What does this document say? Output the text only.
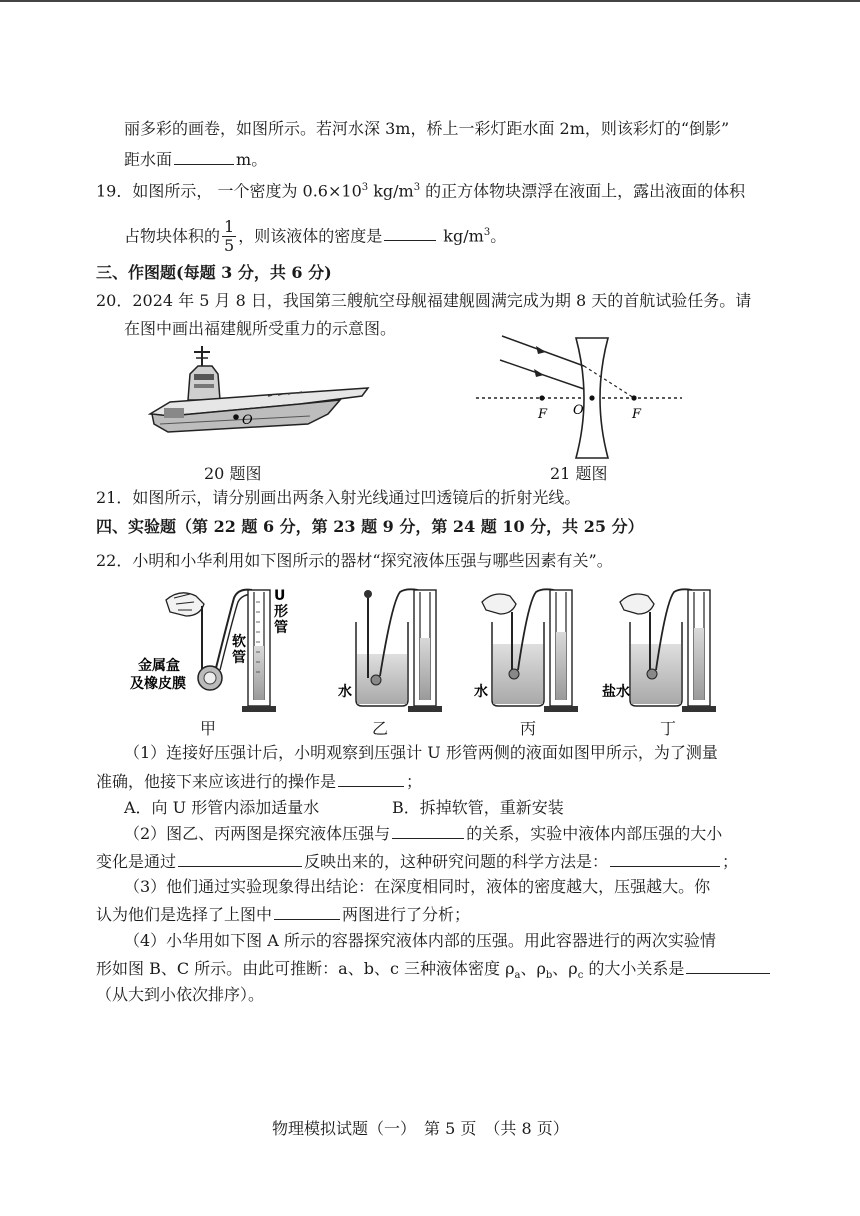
丽多彩的画卷，如图所示。若河水深 3m，桥上一彩灯距水面 2m，则该彩灯的“倒影”
距水面	m。
19．如图所示， 一个密度为 $0.6\times 10^3$ $kg/m^3$ 的正方体物块漂浮在液面上，露出液面的体积
占物块体积的 $\frac{1}{5}$ ，则该液体的密度是	$kg/m^3$。
三、作图题(每题 3 分，共 6 分)
20．2024 年 5 月 8 日，我国第三艘航空母舰福建舰圆满完成为期 8 天的首航试验任务。请
在图中画出福建舰所受重力的示意图。
O
20 题图
F O	F
21 题图
21．如图所示，请分别画出两条入射光线通过凹透镜后的折射光线。
四、实验题（第 22 题 6 分，第 23 题 9 分，第 24 题 10 分，共 25 分）
22．小明和小华利用如下图所示的器材“探究液体压强与哪些因素有关”。
U
形
管
软
管
金属盒
及橡皮膜	水	水	盐水
甲	乙	丙	丁
（1）连接好压强计后，小明观察到压强计 U 形管两侧的液面如图甲所示，为了测量
准确，他接下来应该进行的操作是	；
A．向 U 形管内添加适量水	B．拆掉软管，重新安装
（2）图乙、丙两图是探究液体压强与	的关系，实验中液体内部压强的大小
变化是通过	反映出来的，这种研究问题的科学方法是：	；
（3）他们通过实验现象得出结论：在深度相同时，液体的密度越大，压强越大。你
认为他们是选择了上图中	两图进行了分析；
（4）小华用如下图 A 所示的容器探究液体内部的压强。用此容器进行的两次实验情
形如图 B、C 所示。由此可推断：a、b、c 三种液体密度 $\rho_a$、$\rho_b$、$\rho_c$ 的大小关系是
（从大到小依次排序）。
物理模拟试题（一）　第 5 页　（共 8 页）
